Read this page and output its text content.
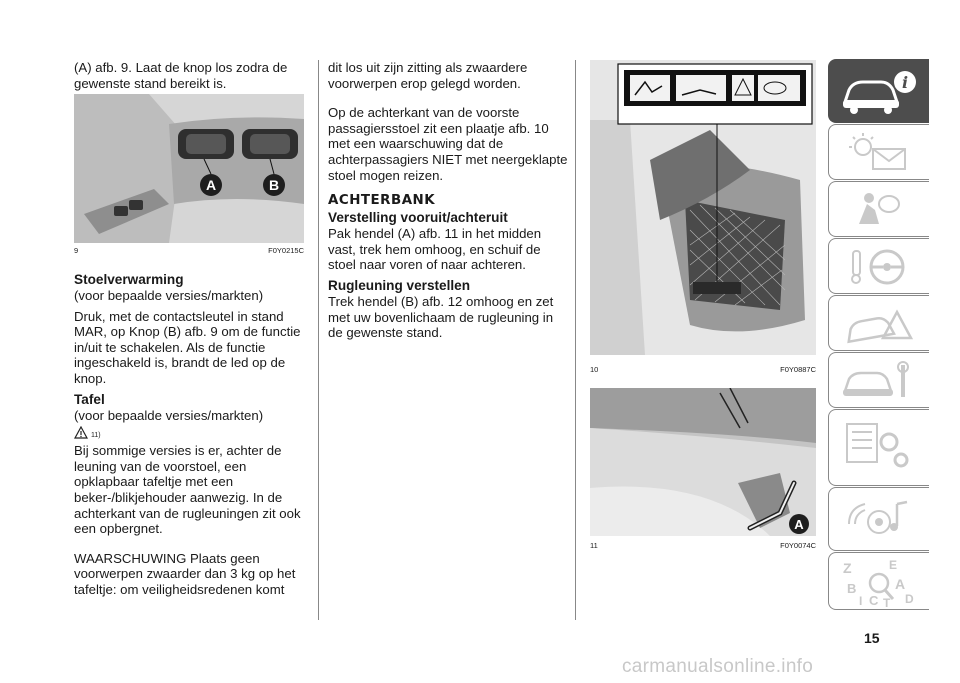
(A) afb. 9. Laat de knop los zodra de gewenste stand bereikt is.

A	B
9	F0Y0215C
Stoelverwarming

(voor bepaalde versies/markten)

Druk, met de contactsleutel in stand MAR, op Knop (B) afb. 9 om de functie in/uit te schakelen. Als de functie ingeschakeld is, brandt de led op de knop.

Tafel

(voor bepaalde versies/markten)

11)

Bij sommige versies is er, achter de leuning van de voorstoel, een opklapbaar tafeltje met een beker-/blikjehouder aanwezig. In de achterkant van de rugleuningen zit ook een opbergnet.

WAARSCHUWING Plaats geen voorwerpen zwaarder dan 3 kg op het tafeltje: om veiligheidsredenen komt

dit los uit zijn zitting als zwaardere voorwerpen erop gelegd worden.

Op de achterkant van de voorste passagiersstoel zit een plaatje afb. 10 met een waarschuwing dat de achterpassagiers NIET met neergeklapte stoel mogen reizen.

ACHTERBANK
Verstelling vooruit/achteruit

Pak hendel (A) afb. 11 in het midden vast, trek hem omhoog, en schuif de stoel naar voren of naar achteren.

Rugleuning verstellen

Trek hendel (B) afb. 12 omhoog en zet met uw bovenlichaam de rugleuning in de gewenste stand.

10	F0Y0887C
A
11	F0Y0074C
i
Z	E
B	A
I C T D
15
carmanualsonline.info
